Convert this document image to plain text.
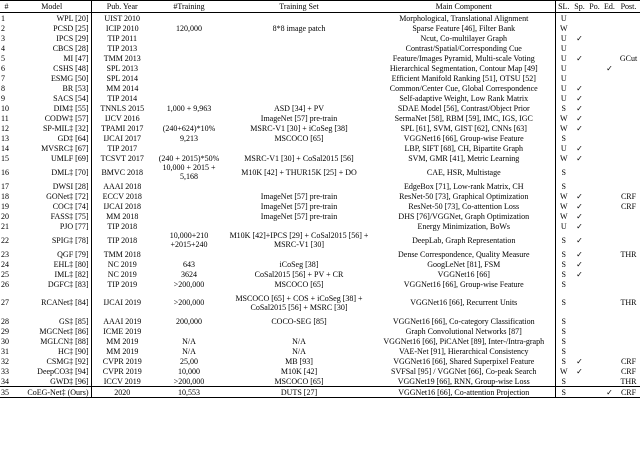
#	Model	Pub. Year	#Training	Training Set	Main Component	SL.	Sp.	Po.	Ed.	Post.
1	WPL [20]	UIST 2010			Morphological, Translational Alignment	U				
2	PCSD [25]	ICIP 2010	120,000	8*8 image patch	Sparse Feature [46], Filter Bank	W				
3	IPCS [29]	TIP 2011			Ncut, Co-multilayer Graph	U	✓			
4	CBCS [28]	TIP 2013			Contrast/Spatial/Corresponding Cue	U				
5	MI [47]	TMM 2013			Feature/Images Pyramid, Multi-scale Voting	U	✓			GCut
6	CSHS [48]	SPL 2013			Hierarchical Segmentation, Contour Map [49]	U			✓	
7	ESMG [50]	SPL 2014			Efficient Manifold Ranking [51], OTSU [52]	U				
8	BR [53]	MM 2014			Common/Center Cue, Global Correspondence	U	✓			
9	SACS [54]	TIP 2014			Self-adaptive Weight, Low Rank Matrix	U	✓			
10	DIM‡ [55]	TNNLS 2015	1,000 + 9,963	ASD [34] + PV	SDAE Model [56], Contrast/Object Prior	S	✓			
11	CODW‡ [57]	IJCV 2016		ImageNet [57] pre-train	SermaNet [58], RBM [59], IMC, IGS, IGC	W	✓			
12	SP-MIL‡ [32]	TPAMI 2017	(240+624)*10%	MSRC-V1 [30] + iCoSeg [38]	SPL [61], SVM, GIST [62], CNNs [63]	W	✓			
13	GD‡ [64]	IJCAI 2017	9,213	MSCOCO [65]	VGGNet16 [66], Group-wise Feature	S				
14	MVSRC‡ [67]	TIP 2017			LBP, SIFT [68], CH, Bipartite Graph	U	✓			
15	UMLF [69]	TCSVT 2017	(240 + 2015)*50%	MSRC-V1 [30] + CoSal2015 [56]	SVM, GMR [41], Metric Learning	W	✓			
16	DML‡ [70]	BMVC 2018	10,000 + 2015 + 5,168	M10K [42] + THUR15K [25] + DO	CAE, HSR, Multistage	S				
17	DWSI [28]	AAAI 2018			EdgeBox [71], Low-rank Matrix, CH	S				
18	GONet‡ [72]	ECCV 2018		ImageNet [57] pre-train	ResNet-50 [73], Graphical Optimization	W	✓			CRF
19	COC‡ [74]	IJCAI 2018		ImageNet [57] pre-train	ResNet-50 [73], Co-attention Loss	W	✓			CRF
20	FASS‡ [75]	MM 2018		ImageNet [57] pre-train	DHS [76]/VGGNet, Graph Optimization	W	✓			
21	PJO [77]	TIP 2018			Energy Minimization, BoWs	U	✓			
22	SPIG‡ [78]	TIP 2018	10,000+210 +2015+240	M10K [42]+IPCS [29] + CoSal2015 [56] + MSRC-V1 [30]	DeepLab, Graph Representation	S	✓			
23	QGF [79]	TMM 2018			Dense Correspondence, Quality Measure	S	✓			THR
24	EHL‡ [80]	NC 2019	643	iCoSeg [38]	GoogLeNet [81], FSM	S	✓			
25	IML‡ [82]	NC 2019	3624	CoSal2015 [56] + PV + CR	VGGNet16 [66]	S	✓			
26	DGFC‡ [83]	TIP 2019	>200,000	MSCOCO [65]	VGGNet16 [66], Group-wise Feature	S				
27	RCANet‡ [84]	IJCAI 2019	>200,000	MSCOCO [65] + COS + iCoSeg [38] + CoSal2015 [56] + MSRC [30]	VGGNet16 [66], Recurrent Units	S				THR
28	GS‡ [85]	AAAI 2019	200,000	COCO-SEG [85]	VGGNet16 [66], Co-category Classification	S				
29	MGCNet‡ [86]	ICME 2019			Graph Convolutional Networks [87]	S				
30	MGLCN‡ [88]	MM 2019	N/A	N/A	VGGNet16 [66], PiCANet [89], Inter-/Intra-graph	S				
31	HC‡ [90]	MM 2019	N/A	N/A	VAE-Net [91], Hierarchical Consistency	S				
32	CSMG‡ [92]	CVPR 2019	25,00	MB [93]	VGGNet16 [66], Shared Superpixel Feature	S	✓			CRF
33	DeepCO3‡ [94]	CVPR 2019	10,000	M10K [42]	SVFSal [95] / VGGNet [66], Co-peak Search	W	✓			CRF
34	GWD‡ [96]	ICCV 2019	>200,000	MSCOCO [65]	VGGNet19 [66], RNN, Group-wise Loss	S				THR
35	CoEG-Net‡ (Ours)	2020	10,553	DUTS [27]	VGGNet16 [66], Co-attention Projection	S			✓	CRF
